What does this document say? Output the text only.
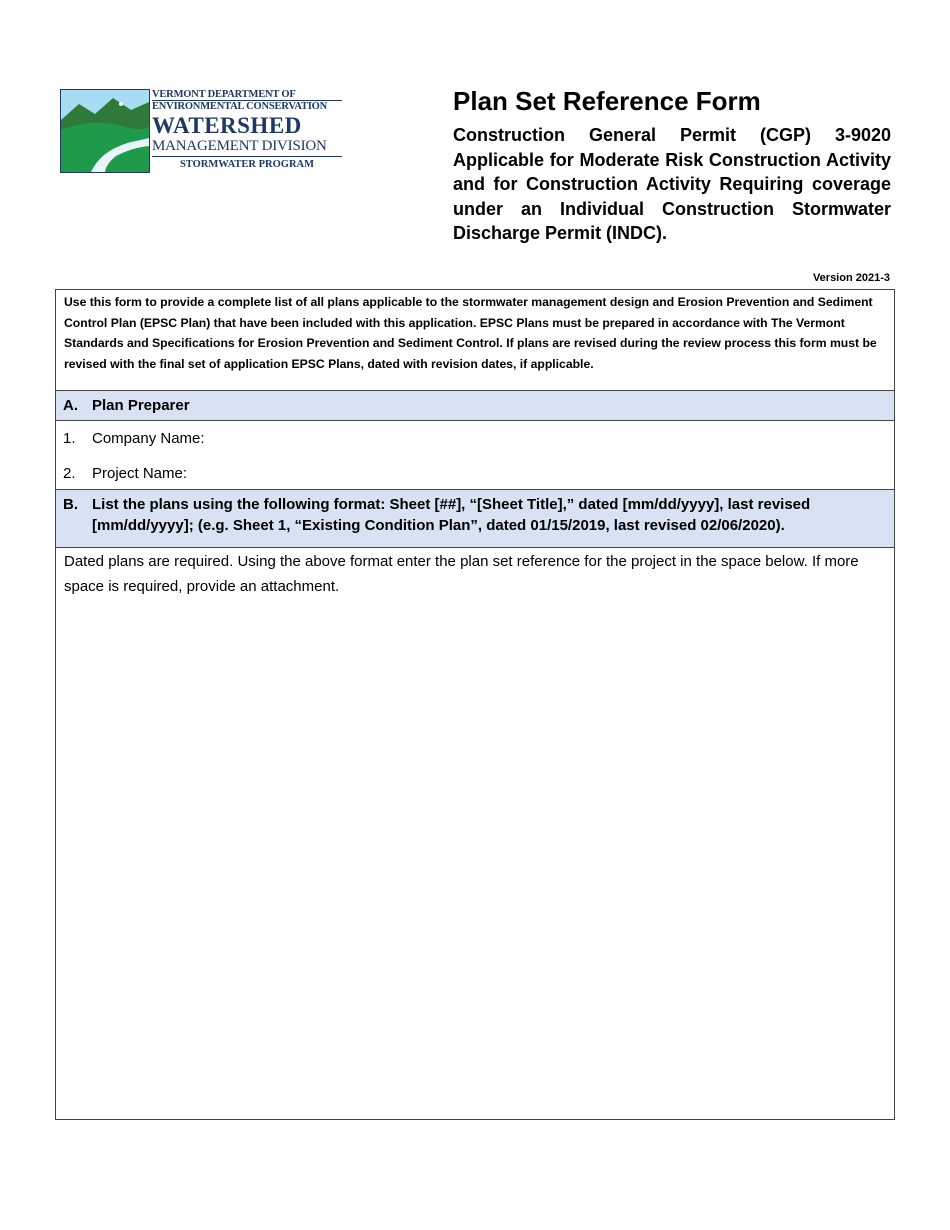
VERMONT DEPARTMENT OF
ENVIRONMENTAL CONSERVATION
WATERSHED
MANAGEMENT DIVISION
STORMWATER PROGRAM
Plan Set Reference Form

Construction General Permit (CGP) 3-9020 Applicable for Moderate Risk Construction Activity and for Construction Activity Requiring coverage under an Individual Construction Stormwater Discharge Permit (INDC).

Version 2021-3
Use this form to provide a complete list of all plans applicable to the stormwater management design and Erosion Prevention and Sediment Control Plan (EPSC Plan) that have been included with this application. EPSC Plans must be prepared in accordance with The Vermont Standards and Specifications for Erosion Prevention and Sediment Control. If plans are revised during the review process this form must be revised with the final set of application EPSC Plans, dated with revision dates, if applicable.
A. Plan Preparer
1.	Company Name:
2.	Project Name:
B. List the plans using the following format: Sheet [##], “[Sheet Title],” dated [mm/dd/yyyy], last revised [mm/dd/yyyy]; (e.g. Sheet 1, “Existing Condition Plan”, dated 01/15/2019, last revised 02/06/2020).
Dated plans are required. Using the above format enter the plan set reference for the project in the space below. If more space is required, provide an attachment.
